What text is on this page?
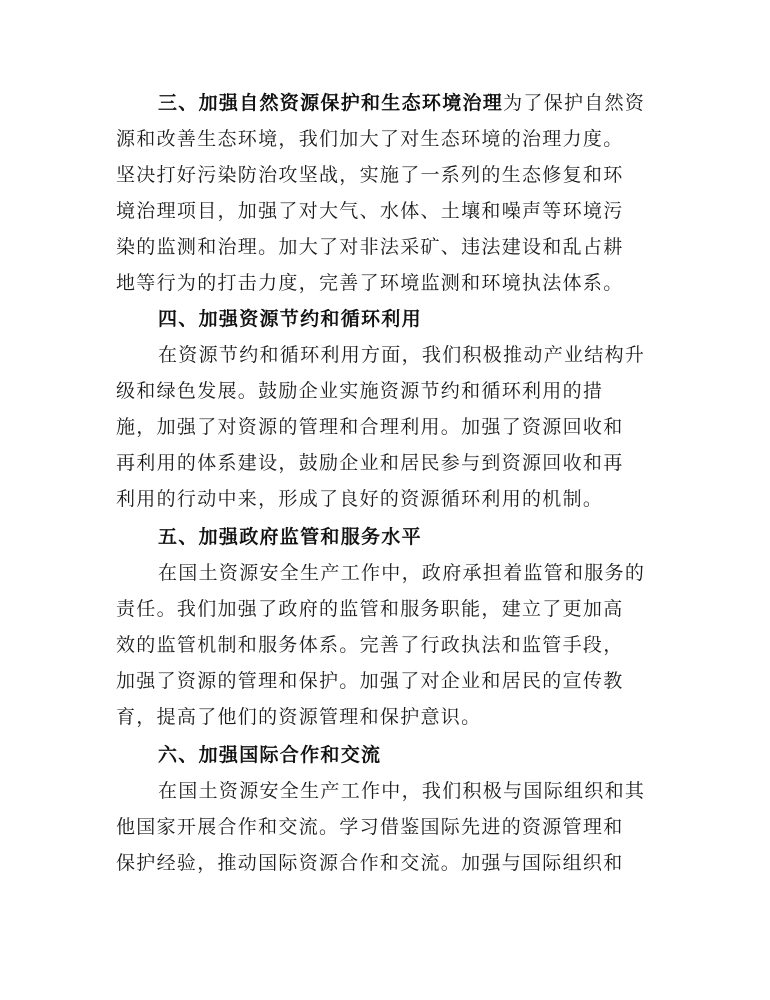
三、加强自然资源保护和生态环境治理为了保护自然资
源和改善生态环境，我们加大了对生态环境的治理力度。
坚决打好污染防治攻坚战，实施了一系列的生态修复和环
境治理项目，加强了对大气、水体、土壤和噪声等环境污
染的监测和治理。加大了对非法采矿、违法建设和乱占耕
地等行为的打击力度，完善了环境监测和环境执法体系。
四、加强资源节约和循环利用
在资源节约和循环利用方面，我们积极推动产业结构升
级和绿色发展。鼓励企业实施资源节约和循环利用的措
施，加强了对资源的管理和合理利用。加强了资源回收和
再利用的体系建设，鼓励企业和居民参与到资源回收和再
利用的行动中来，形成了良好的资源循环利用的机制。
五、加强政府监管和服务水平
在国土资源安全生产工作中，政府承担着监管和服务的
责任。我们加强了政府的监管和服务职能，建立了更加高
效的监管机制和服务体系。完善了行政执法和监管手段，
加强了资源的管理和保护。加强了对企业和居民的宣传教
育，提高了他们的资源管理和保护意识。
六、加强国际合作和交流
在国土资源安全生产工作中，我们积极与国际组织和其
他国家开展合作和交流。学习借鉴国际先进的资源管理和
保护经验，推动国际资源合作和交流。加强与国际组织和
